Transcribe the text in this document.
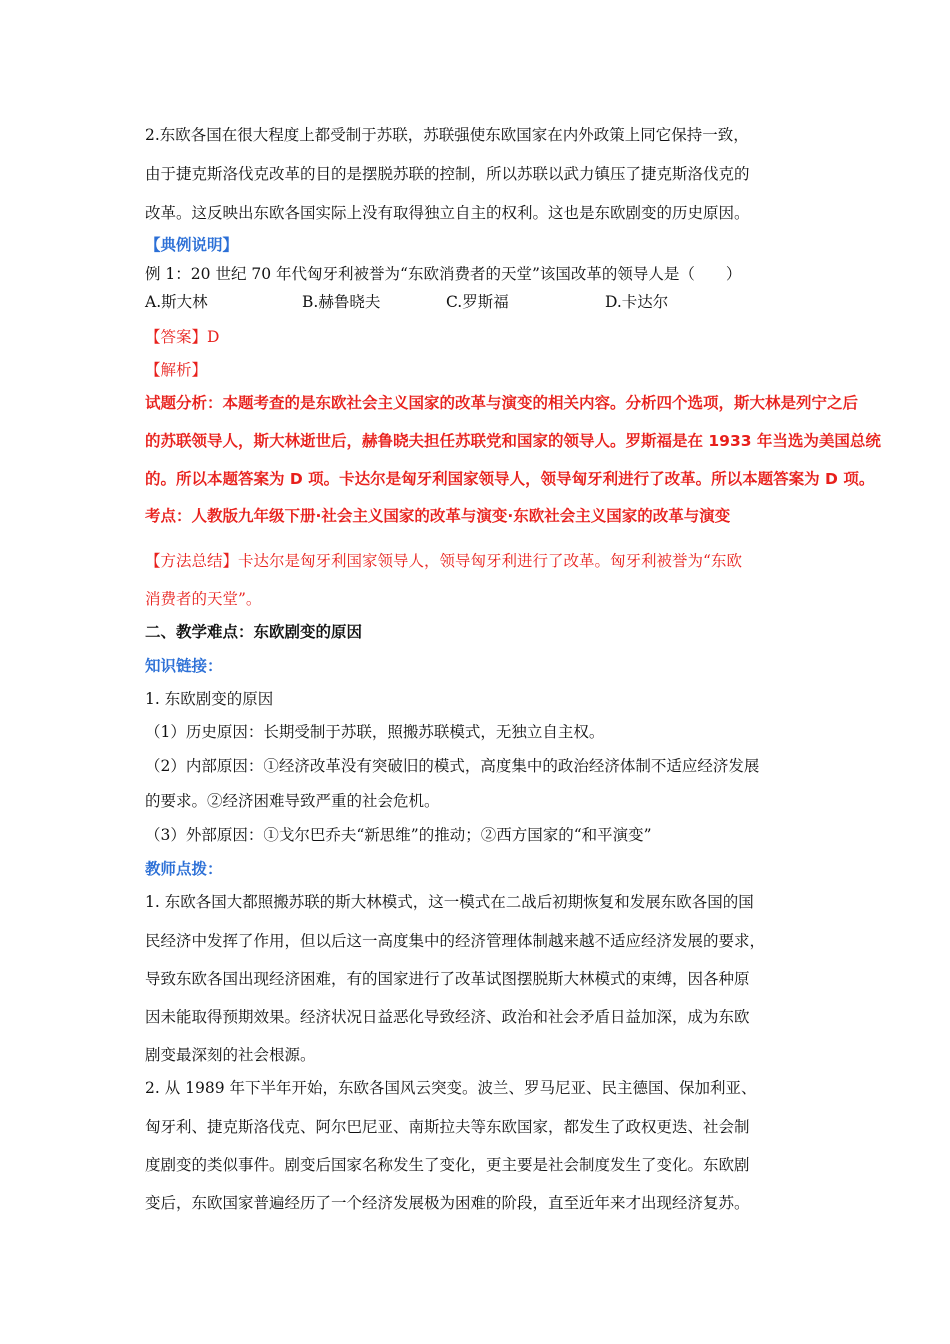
2.东欧各国在很大程度上都受制于苏联，苏联强使东欧国家在内外政策上同它保持一致，
由于捷克斯洛伐克改革的目的是摆脱苏联的控制，所以苏联以武力镇压了捷克斯洛伐克的
改革。这反映出东欧各国实际上没有取得独立自主的权利。这也是东欧剧变的历史原因。
【典例说明】
例 1：20 世纪 70 年代匈牙利被誉为“东欧消费者的天堂”该国改革的领导人是（　　）
A.斯大林	B.赫鲁晓夫	C.罗斯福	D.卡达尔
【答案】D
【解析】
试题分析：本题考查的是东欧社会主义国家的改革与演变的相关内容。分析四个选项，斯大林是列宁之后
的苏联领导人，斯大林逝世后，赫鲁晓夫担任苏联党和国家的领导人。罗斯福是在 1933 年当选为美国总统
的。所以本题答案为 D 项。卡达尔是匈牙利国家领导人，领导匈牙利进行了改革。所以本题答案为 D 项。
考点：人教版九年级下册·社会主义国家的改革与演变·东欧社会主义国家的改革与演变
【方法总结】卡达尔是匈牙利国家领导人，领导匈牙利进行了改革。匈牙利被誉为“东欧
消费者的天堂”。
二、教学难点：东欧剧变的原因
知识链接：
1. 东欧剧变的原因
（1）历史原因：长期受制于苏联，照搬苏联模式，无独立自主权。
（2）内部原因：①经济改革没有突破旧的模式，高度集中的政治经济体制不适应经济发展
的要求。②经济困难导致严重的社会危机。
（3）外部原因：①戈尔巴乔夫“新思维”的推动；②西方国家的“和平演变”
教师点拨：
1. 东欧各国大都照搬苏联的斯大林模式，这一模式在二战后初期恢复和发展东欧各国的国
民经济中发挥了作用，但以后这一高度集中的经济管理体制越来越不适应经济发展的要求，
导致东欧各国出现经济困难，有的国家进行了改革试图摆脱斯大林模式的束缚，因各种原
因未能取得预期效果。经济状况日益恶化导致经济、政治和社会矛盾日益加深，成为东欧
剧变最深刻的社会根源。
2. 从 1989 年下半年开始，东欧各国风云突变。波兰、罗马尼亚、民主德国、保加利亚、
匈牙利、捷克斯洛伐克、阿尔巴尼亚、南斯拉夫等东欧国家，都发生了政权更迭、社会制
度剧变的类似事件。剧变后国家名称发生了变化，更主要是社会制度发生了变化。东欧剧
变后，东欧国家普遍经历了一个经济发展极为困难的阶段，直至近年来才出现经济复苏。
